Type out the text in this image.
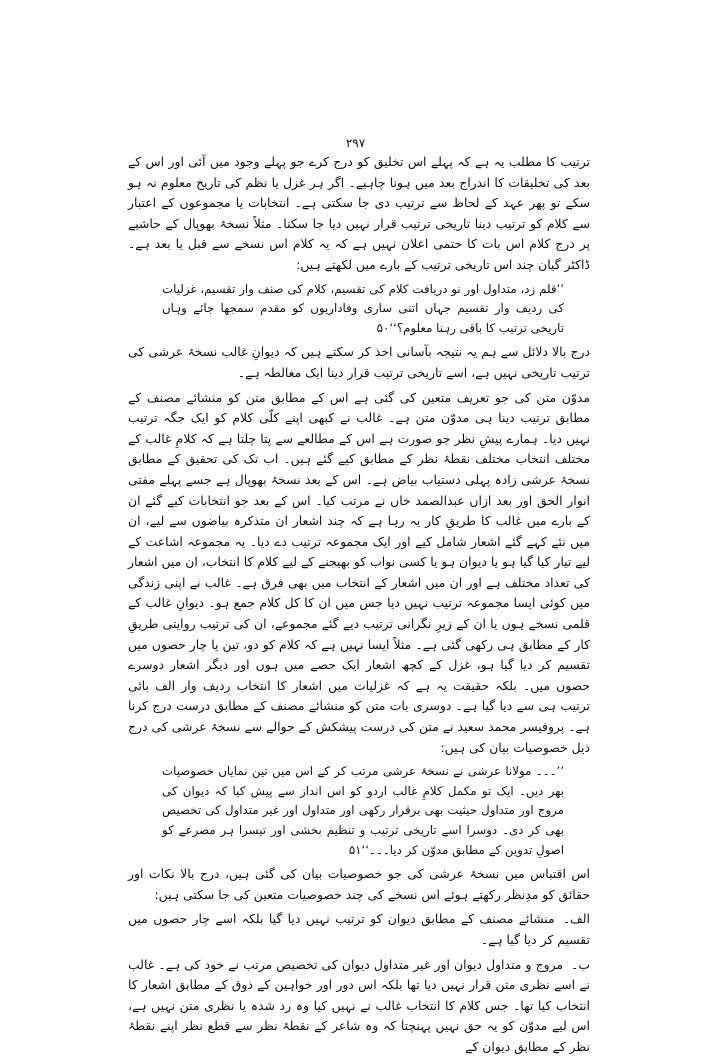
۲۹۷

ترتیب کا مطلب یہ ہے کہ پہلے اس تخلیق کو درج کرے جو پہلے وجود میں آئی اور اس کے بعد کی تخلیقات کا اندراج بعد میں ہونا چاہیے۔ اگر ہر غزل یا نظم کی تاریخ معلوم نہ ہو سکے تو پھر عہد کے لحاظ سے ترتیب دی جا سکتی ہے۔ انتخابات یا مجموعوں کے اعتبار سے کلام کو ترتیب دینا تاریخی ترتیب قرار نہیں دیا جا سکتا۔ مثلاً نسخۂ بھوپال کے حاشیے پر درج کلام اس بات کا حتمی اعلان نہیں ہے کہ یہ کلام اس نسخے سے قبل یا بعد ہے۔ ڈاکٹر گیان چند اس تاریخی ترتیب کے بارے میں لکھتے ہیں:

’’قلم زد، متداول اور نو دریافت کلام کی تقسیم، کلام کی صنف وار تقسیم، غزلیات کی ردیف وار تقسیم جہاں اتنی ساری وفاداریوں کو مقدم سمجھا جائے وہاں تاریخی ترتیب کا باقی رہنا معلوم؟‘‘۵۰

درج بالا دلائل سے ہم یہ نتیجہ بآسانی اخذ کر سکتے ہیں کہ دیوانِ غالب نسخۂ عرشی کی ترتیب تاریخی نہیں ہے، اسے تاریخی ترتیب قرار دینا ایک مغالطہ ہے۔

مدوّن متن کی جو تعریف متعین کی گئی ہے اس کے مطابق متن کو منشائے مصنف کے مطابق ترتیب دینا ہی مدوّن متن ہے۔ غالب نے کبھی اپنے کلّی کلام کو ایک جگہ ترتیب نہیں دیا۔ ہمارے پیشِ نظر جو صورت ہے اس کے مطالعے سے پتا چلتا ہے کہ کلامِ غالب کے مختلف انتخاب مختلف نقطۂ نظر کے مطابق کیے گئے ہیں۔ اب تک کی تحقیق کے مطابق نسخۂ عرشی زادہ پہلی دستیاب بیاض ہے۔ اس کے بعد نسخۂ بھوپال ہے جسے پہلے مفتی انوار الحق اور بعد ازاں عبدالصمد خاں نے مرتب کیا۔ اس کے بعد جو انتخابات کیے گئے ان کے بارے میں غالب کا طریقِ کار یہ رہا ہے کہ چند اشعار ان متذکرہ بیاضوں سے لیے، ان میں نئے کہے گئے اشعار شامل کیے اور ایک مجموعہ ترتیب دے دیا۔ یہ مجموعہ اشاعت کے لیے تیار کیا گیا ہو یا دیوان ہو یا کسی نواب کو بھیجنے کے لیے کلام کا انتخاب، ان میں اشعار کی تعداد مختلف ہے اور ان میں اشعار کے انتخاب میں بھی فرق ہے۔ غالب نے اپنی زندگی میں کوئی ایسا مجموعہ ترتیب نہیں دیا جس میں ان کا کل کلام جمع ہو۔ دیوانِ غالب کے قلمی نسخے ہوں یا ان کے زیرِ نگرانی ترتیب دیے گئے مجموعے، ان کی ترتیب روایتی طریقِ کار کے مطابق ہی رکھی گئی ہے۔ مثلاً ایسا نہیں ہے کہ کلام کو دو، تین یا چار حصوں میں تقسیم کر دیا گیا ہو، غزل کے کچھ اشعار ایک حصے میں ہوں اور دیگر اشعار دوسرے حصوں میں۔ بلکہ حقیقت یہ ہے کہ غزلیات میں اشعار کا انتخاب ردیف وار الف بائی ترتیب ہی سے دیا گیا ہے۔ دوسری بات متن کو منشائے مصنف کے مطابق درست درج کرنا ہے۔ پروفیسر محمد سعید نے متن کی درست پیشکش کے حوالے سے نسخۂ عرشی کی درج ذیل خصوصیات بیان کی ہیں:

’’۔۔۔ مولانا عرشی نے نسخۂ عرشی مرتب کر کے اس میں تین نمایاں خصوصیات بھر دیں۔ ایک تو مکمل کلامِ غالب اردو کو اس انداز سے پیش کیا کہ دیوان کی مروج اور متداول حیثیت بھی برقرار رکھی اور متداول اور غیر متداول کی تخصیص بھی کر دی۔ دوسرا اسے تاریخی ترتیب و تنظیم بخشی اور تیسرا ہر مصرعے کو اصولِ تدوین کے مطابق مدوّن کر دیا۔۔۔‘‘۵۱

اس اقتباس میں نسخۂ عرشی کی جو خصوصیات بیان کی گئی ہیں، درج بالا نکات اور حقائق کو مدِنظر رکھتے ہوئے اس نسخے کی چند خصوصیات متعین کی جا سکتی ہیں:

الف۔منشائے مصنف کے مطابق دیوان کو ترتیب نہیں دیا گیا بلکہ اسے چار حصوں میں تقسیم کر دیا گیا ہے۔

ب۔مروج و متداول دیوان اور غیر متداول دیوان کی تخصیص مرتب نے خود کی ہے۔ غالب نے اسے نظری متن قرار نہیں دیا تھا بلکہ اس دور اور خواہین کے ذوق کے مطابق اشعار کا انتخاب کیا تھا۔ جس کلام کا انتخاب غالب نے نہیں کیا وہ رد شدہ یا نظری متن نہیں ہے، اس لیے مدوّن کو یہ حق نہیں پہنچتا کہ وہ شاعر کے نقطۂ نظر سے قطع نظر اپنے نقطۂ نظر کے مطابق دیوان کے
